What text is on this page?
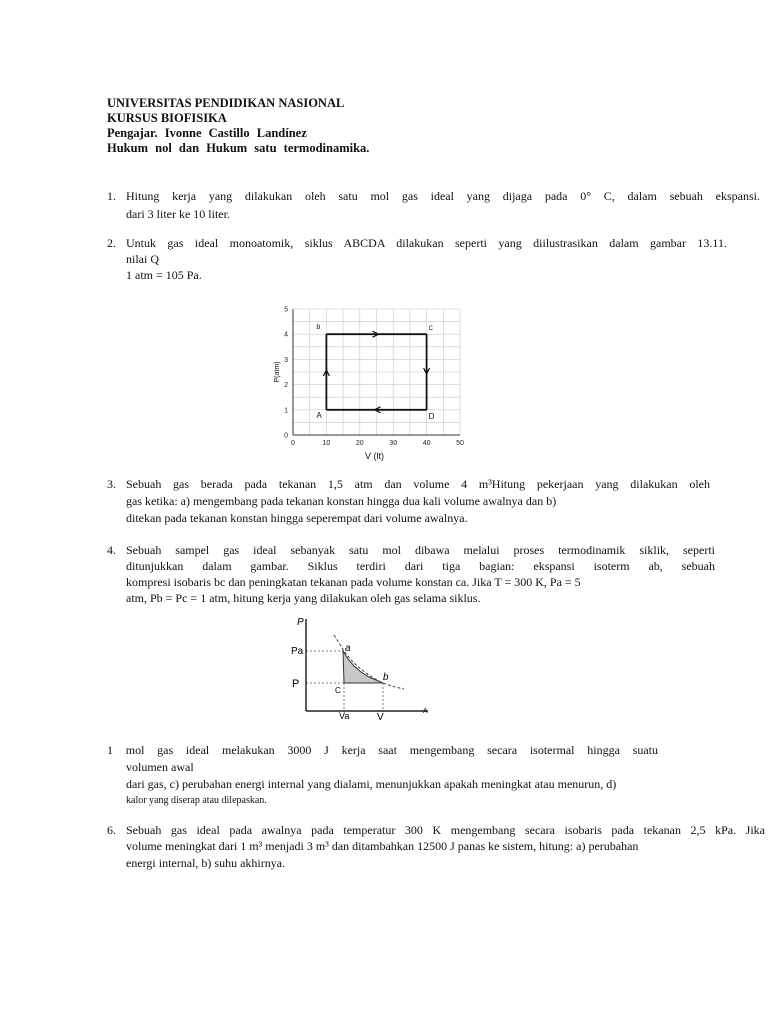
UNIVERSITAS PENDIDIKAN NASIONAL
KURSUS BIOFISIKA
Pengajar. Ivonne Castillo Landínez
Hukum nol dan Hukum satu termodinamika.
1. Hitung kerja yang dilakukan oleh satu mol gas ideal yang dijaga pada 0° C, dalam sebuah ekspansi.
dari 3 liter ke 10 liter.
2. Untuk gas ideal monoatomik, siklus ABCDA dilakukan seperti yang diilustrasikan dalam gambar 13.11.
nilai Q
1 atm = 105 Pa.
0	10	20	30	40	50
0
1
2
3
4
5
V (lt)
P(atm)
A
B	C
D
3. Sebuah gas berada pada tekanan 1,5 atm dan volume 4 m³Hitung pekerjaan yang dilakukan oleh
gas ketika: a) mengembang pada tekanan konstan hingga dua kali volume awalnya dan b)
ditekan pada tekanan konstan hingga seperempat dari volume awalnya.
4. Sebuah sampel gas ideal sebanyak satu mol dibawa melalui proses termodinamik siklik, seperti
ditunjukkan dalam gambar. Siklus terdiri dari tiga bagian: ekspansi isoterm ab, sebuah
kompresi isobaris bc dan peningkatan tekanan pada volume konstan ca. Jika T = 300 K, Pa = 5
atm, Pb = Pc = 1 atm, hitung kerja yang dilakukan oleh gas selama siklus.
P
A
Pa
P
Va	V
a
b
C
1 mol gas ideal melakukan 3000 J kerja saat mengembang secara isotermal hingga suatu
volumen awal
dari gas, c) perubahan energi internal yang dialami, menunjukkan apakah meningkat atau menurun, d)
kalor yang diserap atau dilepaskan.
6. Sebuah gas ideal pada awalnya pada temperatur 300 K mengembang secara isobaris pada tekanan 2,5 kPa. Jika
volume meningkat dari 1 m³ menjadi 3 m³ dan ditambahkan 12500 J panas ke sistem, hitung: a) perubahan
energi internal, b) suhu akhirnya.
